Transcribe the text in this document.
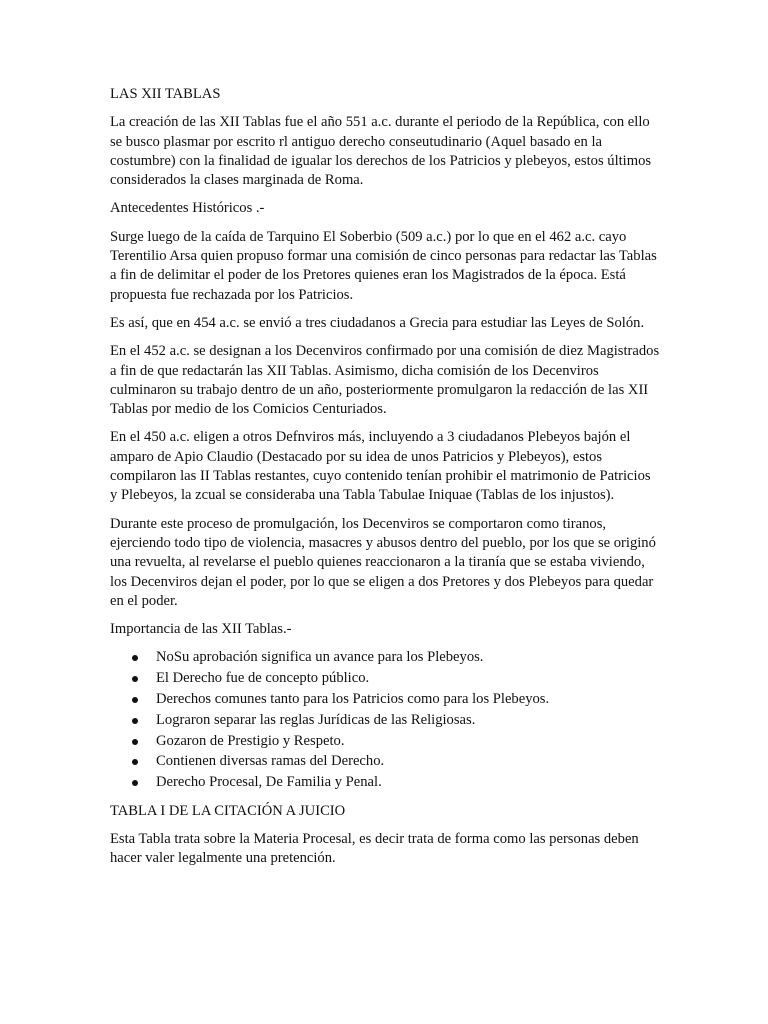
LAS XII TABLAS

La creación de las XII Tablas fue el año 551 a.c. durante el periodo de la República, con ello se busco plasmar por escrito rl antiguo derecho conseutudinario (Aquel basado en la costumbre) con la finalidad de igualar los derechos de los Patricios y plebeyos, estos últimos considerados la clases marginada de Roma.

Antecedentes Históricos .-

Surge luego de la caída de Tarquino El Soberbio (509 a.c.) por lo que en el 462 a.c. cayo Terentilio Arsa quien propuso formar una comisión de cinco personas para redactar las Tablas a fin de delimitar el poder de los Pretores quienes eran los Magistrados de la época. Está propuesta fue rechazada por los Patricios.

Es así, que en 454 a.c. se envió a tres ciudadanos a Grecia para estudiar las Leyes de Solón.

En el 452 a.c. se designan a los Decenviros confirmado por una comisión de diez Magistrados a fin de que redactarán las XII Tablas. Asimismo, dicha comisión de los Decenviros culminaron su trabajo dentro de un año, posteriormente promulgaron la redacción de las XII Tablas por medio de los Comicios Centuriados.

En el 450 a.c. eligen a otros Defnviros más, incluyendo a 3 ciudadanos Plebeyos bajón el amparo de Apio Claudio (Destacado por su idea de unos Patricios y Plebeyos), estos compilaron las II Tablas restantes, cuyo contenido tenían prohibir el matrimonio de Patricios y Plebeyos, la zcual se consideraba una Tabla Tabulae Iniquae (Tablas de los injustos).

Durante este proceso de promulgación, los Decenviros se comportaron como tiranos, ejerciendo todo tipo de violencia, masacres y abusos dentro del pueblo, por los que se originó una revuelta, al revelarse el pueblo quienes reaccionaron a la tiranía que se estaba viviendo, los Decenviros dejan el poder, por lo que se eligen a dos Pretores y dos Plebeyos para quedar en el poder.

Importancia de las XII Tablas.-

NoSu aprobación significa un avance para los Plebeyos.
El Derecho fue de concepto público.
Derechos comunes tanto para los Patricios como para los Plebeyos.
Lograron separar las reglas Jurídicas de las Religiosas.
Gozaron de Prestigio y Respeto.
Contienen diversas ramas del Derecho.
Derecho Procesal, De Familia y Penal.

TABLA I DE LA CITACIÓN A JUICIO

Esta Tabla trata sobre la Materia Procesal, es decir trata de forma como las personas deben hacer valer legalmente una pretención.
